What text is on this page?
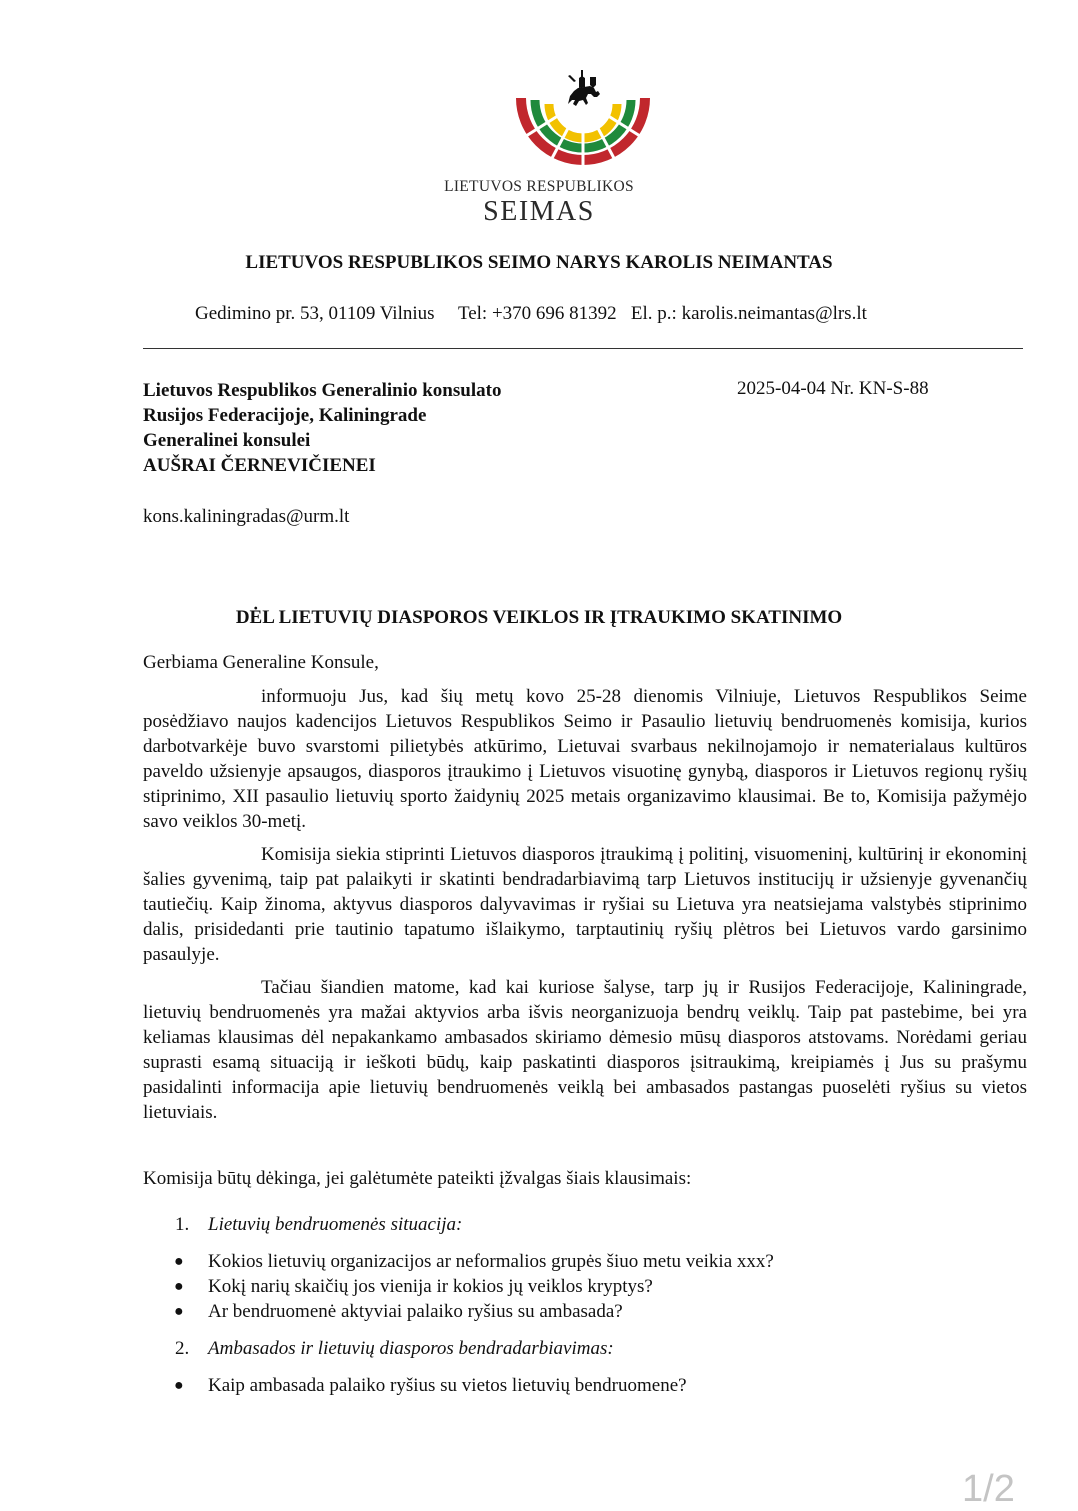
LIETUVOS RESPUBLIKOS
SEIMAS
LIETUVOS RESPUBLIKOS SEIMO NARYS KAROLIS NEIMANTAS
Gedimino pr. 53, 01109 Vilnius     Tel: +370 696 81392   El. p.: karolis.neimantas@lrs.lt
Lietuvos Respublikos Generalinio konsulato
Rusijos Federacijoje, Kaliningrade
Generalinei konsulei
AUŠRAI ČERNEVIČIENEI
2025-04-04 Nr. KN-S-88
kons.kaliningradas@urm.lt
DĖL LIETUVIŲ DIASPOROS VEIKLOS IR ĮTRAUKIMO SKATINIMO
Gerbiama Generaline Konsule,

informuoju Jus, kad šių metų kovo 25-28 dienomis Vilniuje, Lietuvos Respublikos Seime posėdžiavo naujos kadencijos Lietuvos Respublikos Seimo ir Pasaulio lietuvių bendruomenės komisija, kurios darbotvarkėje buvo svarstomi pilietybės atkūrimo, Lietuvai svarbaus nekilnojamojo ir nematerialaus kultūros paveldo užsienyje apsaugos, diasporos įtraukimo į Lietuvos visuotinę gynybą, diasporos ir Lietuvos regionų ryšių stiprinimo, XII pasaulio lietuvių sporto žaidynių 2025 metais organizavimo klausimai. Be to, Komisija pažymėjo savo veiklos 30-metį.

Komisija siekia stiprinti Lietuvos diasporos įtraukimą į politinį, visuomeninį, kultūrinį ir ekonominį šalies gyvenimą, taip pat palaikyti ir skatinti bendradarbiavimą tarp Lietuvos institucijų ir užsienyje gyvenančių tautiečių. Kaip žinoma, aktyvus diasporos dalyvavimas ir ryšiai su Lietuva yra neatsiejama valstybės stiprinimo dalis, prisidedanti prie tautinio tapatumo išlaikymo, tarptautinių ryšių plėtros bei Lietuvos vardo garsinimo pasaulyje.

Tačiau šiandien matome, kad kai kuriose šalyse, tarp jų ir Rusijos Federacijoje, Kaliningrade, lietuvių bendruomenės yra mažai aktyvios arba išvis neorganizuoja bendrų veiklų. Taip pat pastebime, bei yra keliamas klausimas dėl nepakankamo ambasados skiriamo dėmesio mūsų diasporos atstovams. Norėdami geriau suprasti esamą situaciją ir ieškoti būdų, kaip paskatinti diasporos įsitraukimą, kreipiamės į Jus su prašymu pasidalinti informacija apie lietuvių bendruomenės veiklą bei ambasados pastangas puoselėti ryšius su vietos lietuviais.

Komisija būtų dėkinga, jei galėtumėte pateikti įžvalgas šiais klausimais:
1. Lietuvių bendruomenės situacija:
● Kokios lietuvių organizacijos ar neformalios grupės šiuo metu veikia xxx?
● Kokį narių skaičių jos vienija ir kokios jų veiklos kryptys?
● Ar bendruomenė aktyviai palaiko ryšius su ambasada?
2. Ambasados ir lietuvių diasporos bendradarbiavimas:
● Kaip ambasada palaiko ryšius su vietos lietuvių bendruomene?
1/2
